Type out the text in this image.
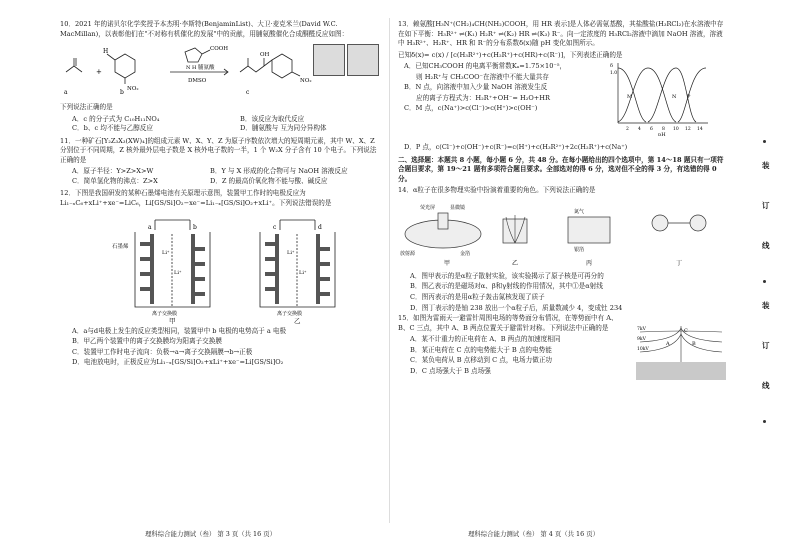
10．2021 年的诺贝尔化学奖授予本杰明·李斯特(BenjaminList)、大卫·麦克米兰(David W.C. MacMillan)，以表彰他们在"不对称有机催化的发展"中的贡献，用脯氨酸催化合成酮醛反应如图：

a
+
H
b NO₂
COOH
N H 脯氨酸
DMSO
c
OH
NO₂

下列说法正确的是

A．c 的分子式为 C₁₀H₁₁NO₄	B．该反应为取代反应
C．b、c 均不能与乙醇反应	D．脯氨酸与 互为同分异构体

11．一种矿石[Y₂Z₃X₃(XW)₄]的组成元素 W、X、Y、Z 为原子序数依次增大的短周期元素，其中 W、X、Z 分别位于不同周期，Z 核外最外层电子数是 X 核外电子数的一半，1 个 W₂X 分子含有 10 个电子。下列说法正确的是

A．原子半径：Y>Z>X>W	B．Y 与 X 形成的化合物可与 NaOH 溶液反应
C．简单氢化物的沸点：Z>X	D．Z 的最高价氧化物不能与酸、碱反应

12．下图是我国研发的某种石墨烯电池有关原理示意图，装置甲工作时的电极反应为 Li₁₋ₓC₆+xLi⁺+xe⁻=LiC₆，Li[GS/Si]O₂−xe⁻=Li₁₋ₓ[GS/Si]O₂+xLi⁺。下列说法错误的是

石墨烯
a	b	c	d
Li⁺
Li⁺
Li⁺
Li⁺
离子交换膜	离子交换膜
甲	乙

A．a与d电极上发生的反应类型相同，装置甲中 b 电极的电势高于 a 电极

B．甲乙两个装置中的离子交换膜均为阳离子交换膜

C．装置甲工作时电子流向：负极→a→离子交换隔膜→b→正极

D．电池放电时，正极反应为Li₁₋ₓ[GS/Si]O₂+xLi⁺+xe⁻=Li[GS/Si]O₂

13．赖氨酸[H₃N⁺(CH₂)₄CH(NH₂)COOH，用 HR 表示]是人体必需氨基酸，其盐酸盐(H₃RCl₂)在水溶液中存在如下平衡：H₃R²⁺ ⇌(K₁) H₂R⁺ ⇌(K₂) HR ⇌(K₃) R⁻。向一定浓度的 H₃RCl₂溶液中滴加 NaOH 溶液，溶液中 H₃R²⁺、H₂R⁺、HR 和 R⁻的分布系数δ(x)随 pH 变化如图所示。

已知δ(x)= c(x) / [c(H₃R²⁺)+c(H₂R⁺)+c(HR)+c(R⁻)]，下列表述正确的是

A．已知CH₃COOH 的电离平衡常数Kₐ=1.75×10⁻⁵，

则 H₂R⁺与 CH₃COO⁻在溶液中不能大量共存

B．N 点，向溶液中加入少量 NaOH 溶液发生反

应的离子方程式为：H₂R⁺+OH⁻= H₂O+HR

C．M 点，c(Na⁺)>c(Cl⁻)>c(H⁺)>c(OH⁻)

δ
1.0
M	N P
2 4 6 8 10 12 14
pH

D．P 点，c(Cl⁻)+c(OH⁻)+c(R⁻)=c(H⁺)+c(H₃R²⁺)+2c(H₂R⁺)+c(Na⁺)

二、选择题：本题共 8 小题，每小题 6 分，共 48 分。在每小题给出的四个选项中，第 14～18 题只有一项符合题目要求，第 19～21 题有多项符合题目要求。全部选对的得 6 分，选对但不全的得 3 分，有选错的得 0 分。

14．α粒子在很多物理实验中扮演着重要的角色。下列说法正确的是

甲	乙	丙	丁
荧光屏	显微镜
放射源	金箔
氮气
银箔

A．图甲表示的是α粒子散射实验，该实验揭示了原子核是可再分的

B．图乙表示的是磁场对α、β和γ射线的作用情况，其中①是α射线

C．图丙表示的是用α粒子轰击氮核发现了质子

D．图丁表示的是铀 238 放出一个α粒子后，质量数减少 4，变成钍 234

15．如图为雷雨天一避雷针周围电场的等势面分布情况，在等势面中有 A、B、C 三点，其中 A、B 两点位置关于避雷针对称。下列说法中正确的是

A．某不计重力的正电荷在 A、B 两点的加速度相同

B．某正电荷在 C 点的电势能大于 B 点的电势能

C．某负电荷从 B 点移动到 C 点，电场力做正功

D．C 点场强大于 B 点场强

7kV
9kV
10kV
A	B
C
理科综合能力测试（叁） 第 3 页（共 16 页）	理科综合能力测试（叁） 第 4 页（共 16 页）
装
订
线
装
订
线
